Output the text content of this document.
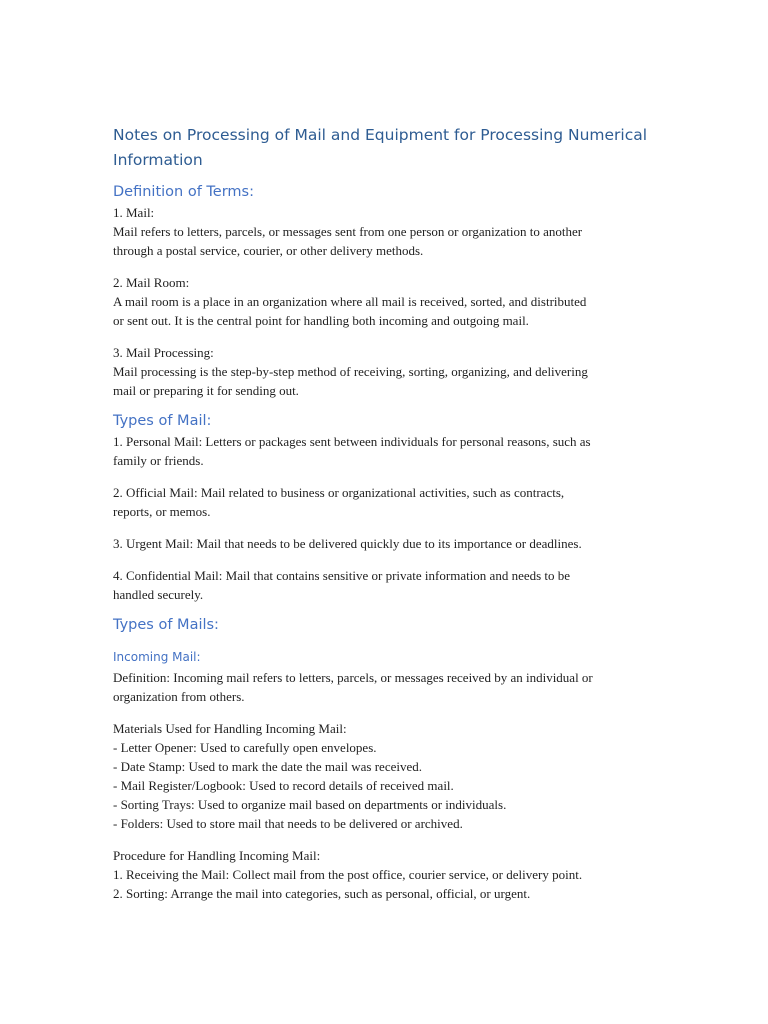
Notes on Processing of Mail and Equipment for Processing Numerical
Information
Definition of Terms:
1. Mail:
Mail refers to letters, parcels, or messages sent from one person or organization to another
through a postal service, courier, or other delivery methods.
2. Mail Room:
A mail room is a place in an organization where all mail is received, sorted, and distributed
or sent out. It is the central point for handling both incoming and outgoing mail.
3. Mail Processing:
Mail processing is the step-by-step method of receiving, sorting, organizing, and delivering
mail or preparing it for sending out.
Types of Mail:
1. Personal Mail: Letters or packages sent between individuals for personal reasons, such as
family or friends.
2. Official Mail: Mail related to business or organizational activities, such as contracts,
reports, or memos.
3. Urgent Mail: Mail that needs to be delivered quickly due to its importance or deadlines.
4. Confidential Mail: Mail that contains sensitive or private information and needs to be
handled securely.
Types of Mails:
Incoming Mail:
Definition: Incoming mail refers to letters, parcels, or messages received by an individual or
organization from others.
Materials Used for Handling Incoming Mail:
- Letter Opener: Used to carefully open envelopes.
- Date Stamp: Used to mark the date the mail was received.
- Mail Register/Logbook: Used to record details of received mail.
- Sorting Trays: Used to organize mail based on departments or individuals.
- Folders: Used to store mail that needs to be delivered or archived.
Procedure for Handling Incoming Mail:
1. Receiving the Mail: Collect mail from the post office, courier service, or delivery point.
2. Sorting: Arrange the mail into categories, such as personal, official, or urgent.
